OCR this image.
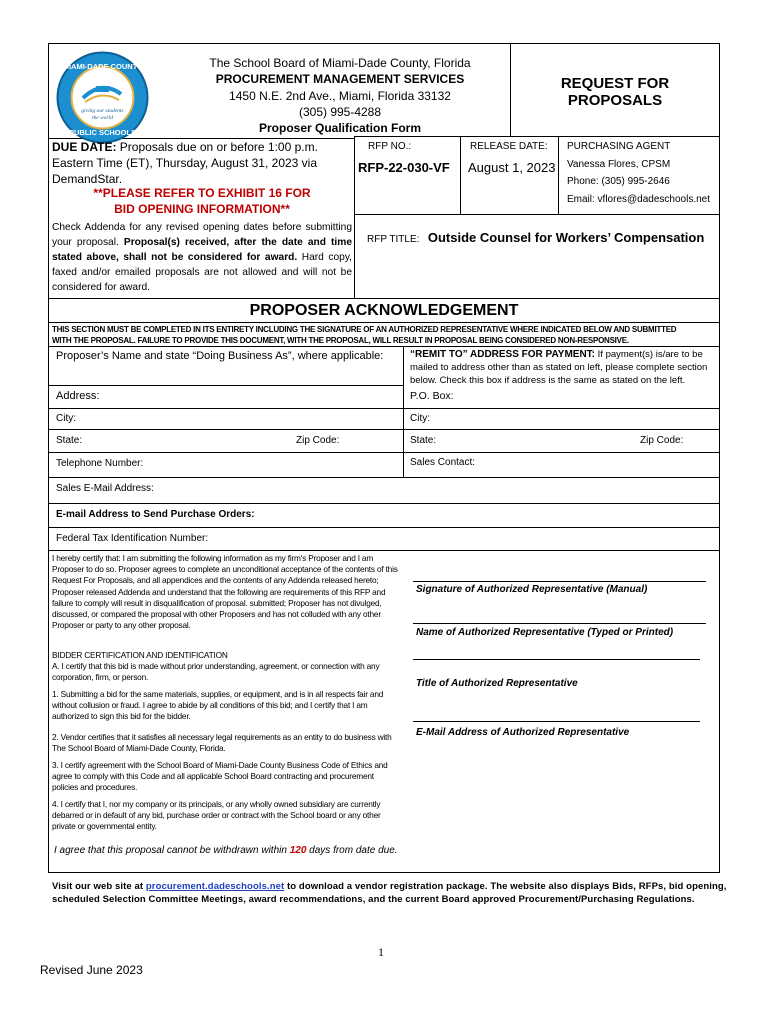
MIAMI-DADE COUNTY
giving our students
the world
PUBLIC SCHOOLS
The School Board of Miami-Dade County, Florida
PROCUREMENT MANAGEMENT SERVICES
1450 N.E. 2nd Ave., Miami, Florida 33132
(305) 995-4288
Proposer Qualification Form
REQUEST FOR PROPOSALS
DUE DATE: Proposals due on or before 1:00 p.m. Eastern Time (ET), Thursday, August 31, 2023 via DemandStar.
**PLEASE REFER TO EXHIBIT 16 FOR
BID OPENING INFORMATION**
Check Addenda for any revised opening dates before submitting your proposal. Proposal(s) received, after the date and time stated above, shall not be considered for award. Hard copy, faxed and/or emailed proposals are not allowed and will not be considered for award.
RFP NO.:
RFP-22-030-VF
RELEASE DATE:
August 1, 2023
PURCHASING AGENT
Vanessa Flores, CPSM
Phone: (305) 995-2646
Email: vflores@dadeschools.net
RFP TITLE: Outside Counsel for Workers’ Compensation
PROPOSER ACKNOWLEDGEMENT
THIS SECTION MUST BE COMPLETED IN ITS ENTIRETY INCLUDING THE SIGNATURE OF AN AUTHORIZED REPRESENTATIVE WHERE INDICATED BELOW AND SUBMITTED
WITH THE PROPOSAL. FAILURE TO PROVIDE THIS DOCUMENT, WITH THE PROPOSAL, WILL RESULT IN PROPOSAL BEING CONSIDERED NON-RESPONSIVE.
Proposer’s Name and state “Doing Business As”, where applicable:	“REMIT TO” ADDRESS FOR PAYMENT: If payment(s) is/are to be mailed to address other than as stated on left, please complete section below. Check this box if address is the same as stated on the left.
Address:	P.O. Box:
City:	City:
State:	Zip Code:	State:	Zip Code:
Telephone Number:	Sales Contact:
Sales E-Mail Address:
E-mail Address to Send Purchase Orders:
Federal Tax Identification Number:
I hereby certify that: I am submitting the following information as my firm's Proposer and I am Proposer to do so. Proposer agrees to complete an unconditional acceptance of the contents of this Request For Proposals, and all appendices and the contents of any Addenda released hereto; Proposer released Addenda and understand that the following are requirements of this RFP and failure to comply will result in disqualification of proposal. submitted; Proposer has not divulged, discussed, or compared the proposal with other Proposers and has not colluded with any other Proposer or party to any other proposal.
BIDDER CERTIFICATION AND IDENTIFICATION
A. I certify that this bid is made without prior understanding, agreement, or connection with any corporation, firm, or person.
1. Submitting a bid for the same materials, supplies, or equipment, and is in all respects fair and without collusion or fraud. I agree to abide by all conditions of this bid; and I certify that I am authorized to sign this bid for the bidder.
2. Vendor certifies that it satisfies all necessary legal requirements as an entity to do business with The School Board of Miami-Dade County, Florida.
3. I certify agreement with the School Board of Miami-Dade County Business Code of Ethics and agree to comply with this Code and all applicable School Board contracting and procurement policies and procedures.
4. I certify that I, nor my company or its principals, or any wholly owned subsidiary are currently debarred or in default of any bid, purchase order or contract with the School board or any other private or governmental entity.
I agree that this proposal cannot be withdrawn within 120 days from date due.
Signature of Authorized Representative (Manual)
Name of Authorized Representative (Typed or Printed)
Title of Authorized Representative
E-Mail Address of Authorized Representative
Visit our web site at procurement.dadeschools.net to download a vendor registration package. The website also displays Bids, RFPs, bid opening, scheduled Selection Committee Meetings, award recommendations, and the current Board approved Procurement/Purchasing Regulations.
1
Revised June 2023
